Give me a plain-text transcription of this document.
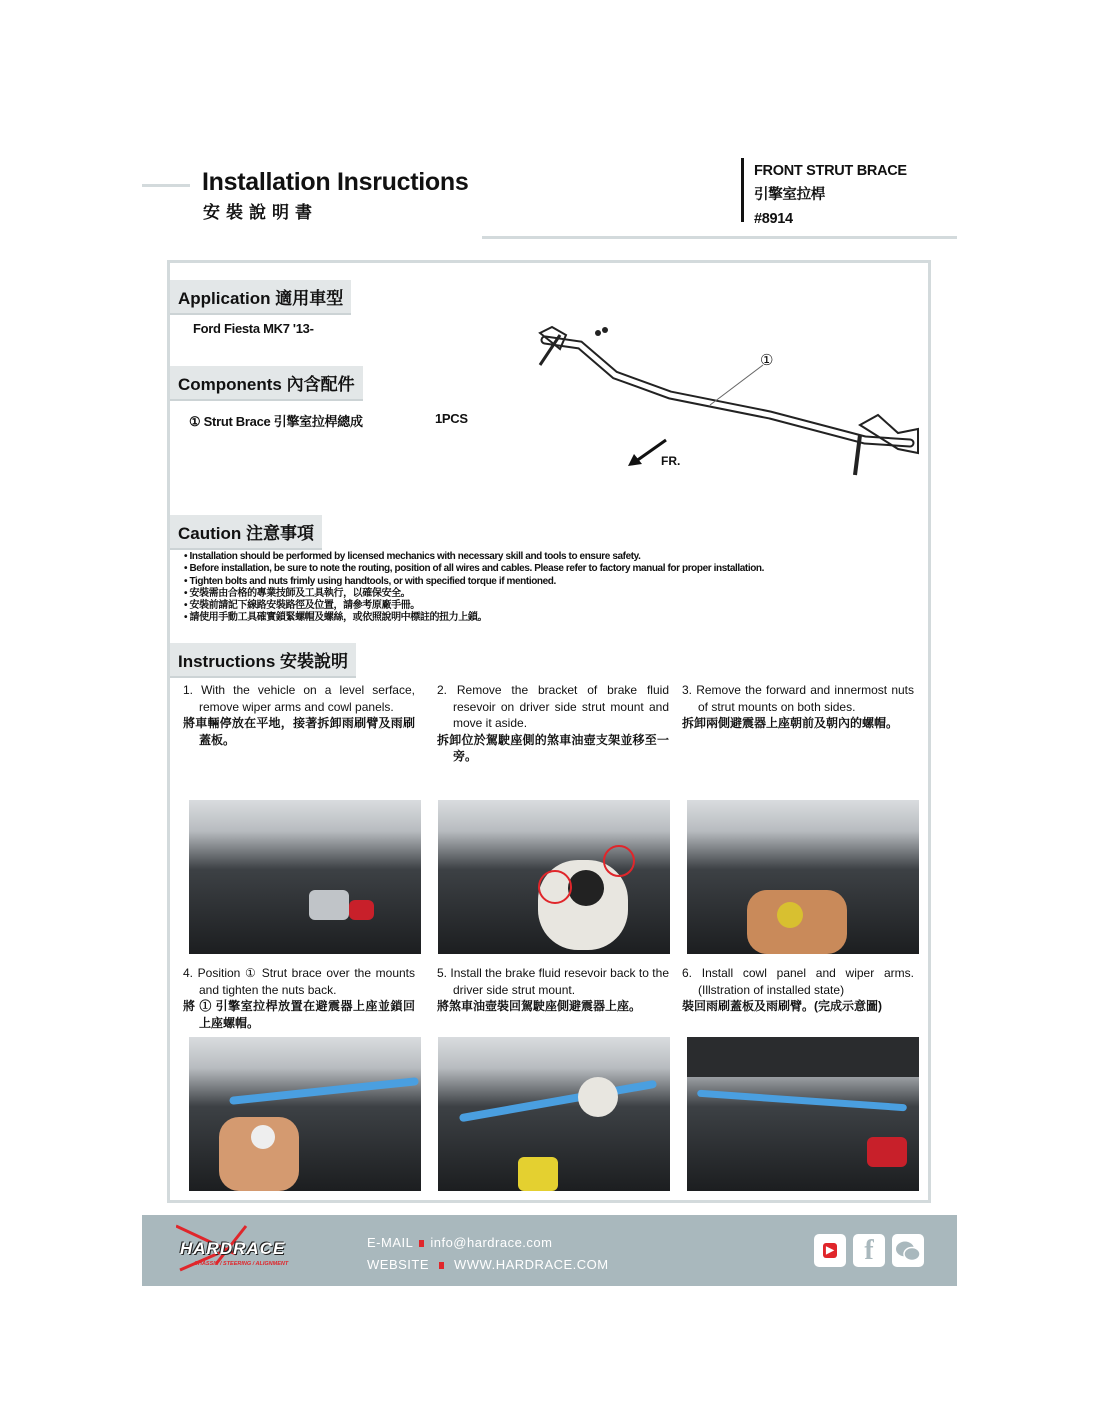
Installation Insructions
安裝說明書
FRONT STRUT BRACE
引擎室拉桿
#8914
Application 適用車型
Ford Fiesta MK7 '13-
Components 內含配件
① Strut Brace 引擎室拉桿總成	1PCS
①
FR.
Caution 注意事項
• Installation should be performed by licensed mechanics with necessary skill and tools to ensure safety.
• Before installation, be sure to note the routing, position of all wires and cables. Please refer to factory manual for proper installation.
• Tighten bolts and nuts frimly using handtools, or with specified torque if mentioned.
• 安裝需由合格的專業技師及工具執行，以確保安全。
• 安裝前請記下線路安裝路徑及位置，請參考原廠手冊。
• 請使用手動工具確實鎖緊螺帽及螺絲，或依照說明中標註的扭力上鎖。
Instructions 安裝說明
1. With the vehicle on a level serface, remove wiper arms and cowl panels.
將車輛停放在平地，接著拆卸雨刷臂及雨刷蓋板。
2. Remove the bracket of brake fluid resevoir on driver side strut mount and move it aside.
拆卸位於駕駛座側的煞車油壺支架並移至一旁。
3. Remove the forward and innermost nuts of strut mounts on both sides.
拆卸兩側避震器上座朝前及朝內的螺帽。
4. Position ① Strut brace over the mounts and tighten the nuts back.
將 ① 引擎室拉桿放置在避震器上座並鎖回上座螺帽。
5. Install the brake fluid resevoir back to the driver side strut mount.
將煞車油壺裝回駕駛座側避震器上座。
6. Install cowl panel and wiper arms. (Illstration of installed state)
裝回雨刷蓋板及雨刷臂。(完成示意圖)
HARDRACE
CHASSIS / STEERING / ALIGNMENT
E-MAIL info@hardrace.com
WEBSITE WWW.HARDRACE.COM
▶	f
